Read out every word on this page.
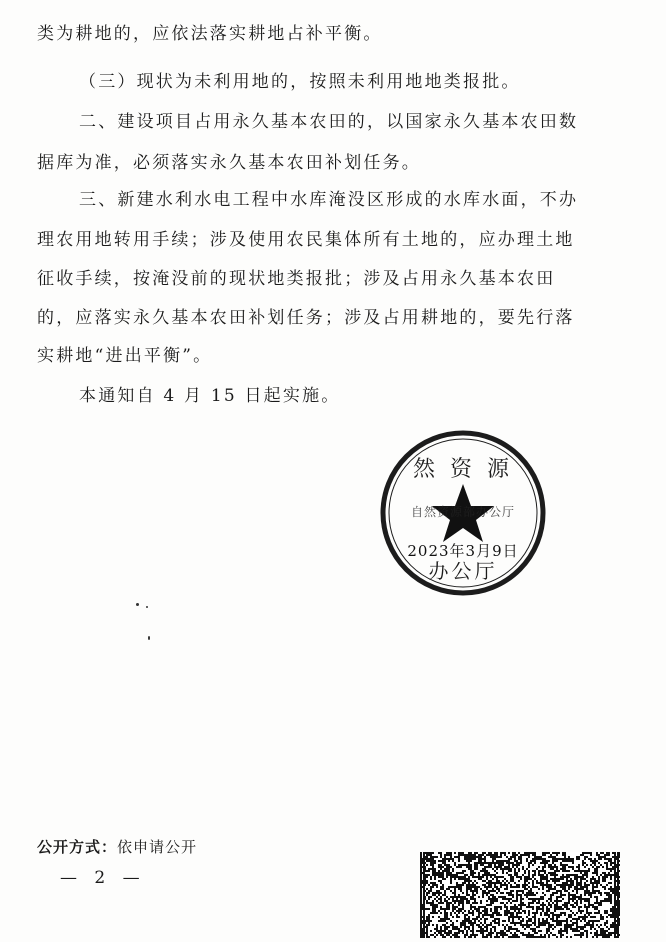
类为耕地的，应依法落实耕地占补平衡。
（三）现状为未利用地的，按照未利用地地类报批。
二、建设项目占用永久基本农田的，以国家永久基本农田数
据库为准，必须落实永久基本农田补划任务。
三、新建水利水电工程中水库淹没区形成的水库水面，不办
理农用地转用手续；涉及使用农民集体所有土地的，应办理土地
征收手续，按淹没前的现状地类报批；涉及占用永久基本农田
的，应落实永久基本农田补划任务；涉及占用耕地的，要先行落
实耕地“进出平衡”。
本通知自 4 月 15 日起实施。
然 资 源
自然资源部办公厅
2023年3月9日
办公厅
公开方式：依申请公开
— 2 —
